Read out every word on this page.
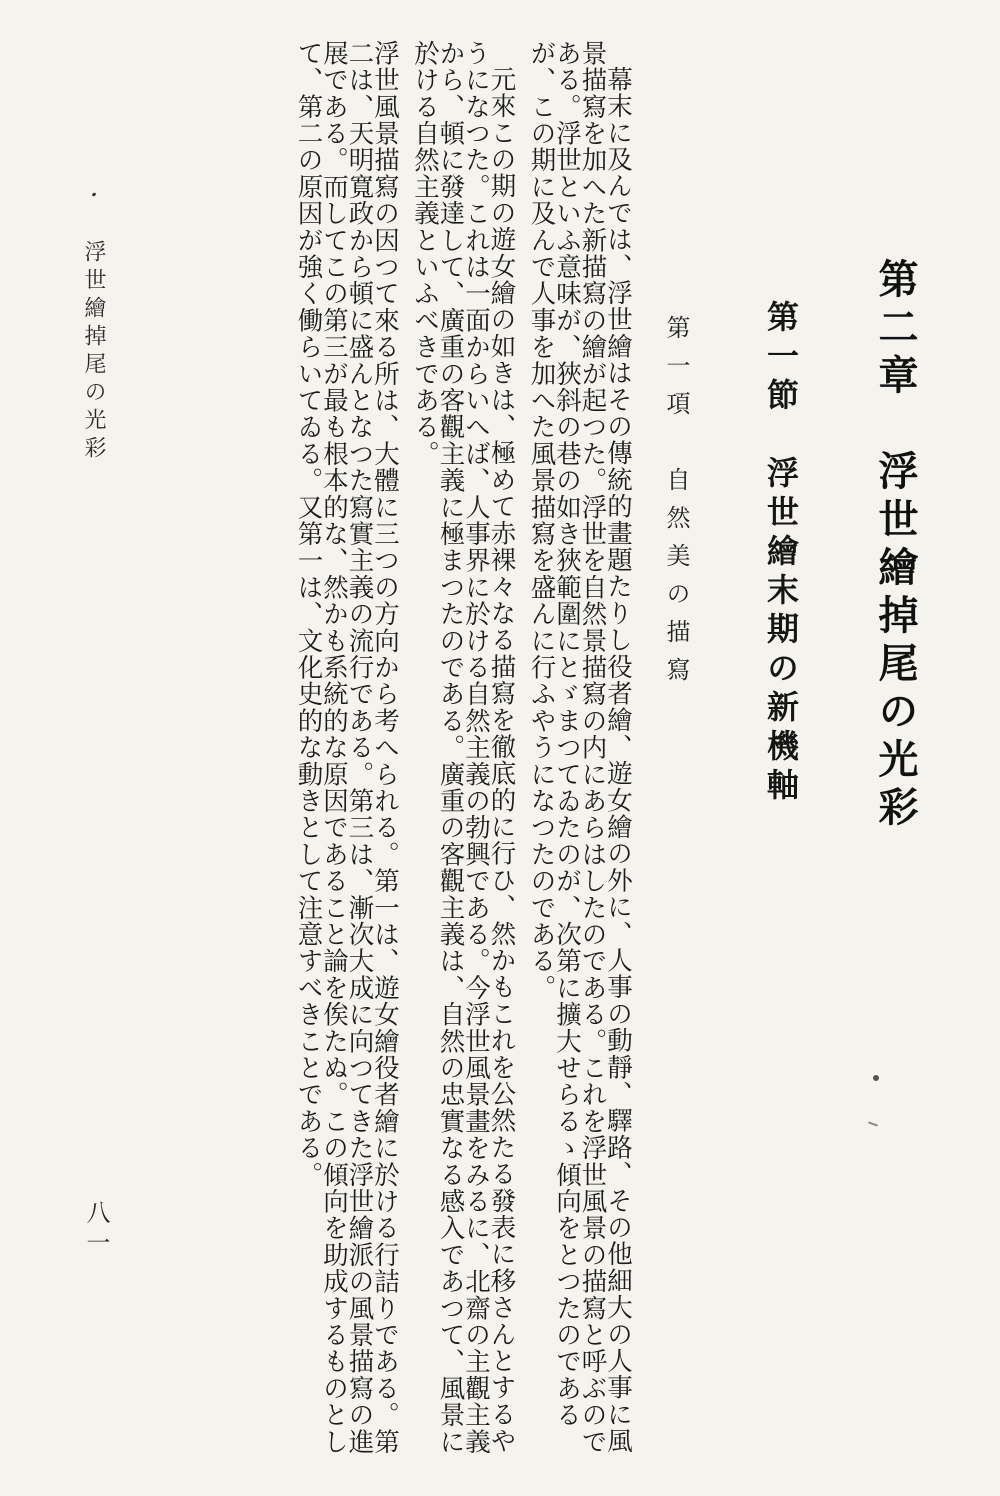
第二章　浮世繪掉尾の光彩
第一節　浮世繪末期の新機軸
第一項　自然美の描寫

幕末に及んでは、浮世繪はその傳統的畫題たりし役者繪、遊女繪の外に、人事の動靜、驛路、その他細大の人事に風景描寫を加へた新描寫の繪が起つた。浮世を自然景描寫の内にあらはしたのである。これを浮世風景の描寫と呼ぶのである。浮世といふ意味が、狹斜の巷の如き狹範圍にとゞまつてゐたのが、次第に擴大せらるゝ傾向をとつたのであるが、この期に及んで人事を加へた風景描寫を盛んに行ふやうになつたのである。

元來この期の遊女繪の如きは、極めて赤裸々なる描寫を徹底的に行ひ、然かもこれを公然たる發表に移さんとするやうになつた。これは一面からいへば、人事界に於ける自然主義の勃興である。今浮世風景畫をみるに、北齋の主觀主義から、頓に發達して、廣重の客觀主義に極まつたのである。廣重の客觀主義は、自然の忠實なる感入であつて、風景に於ける自然主義といふべきである。

浮世風景描寫の因つて來る所は、大體に三つの方向から考へられる。第一は、遊女繪役者繪に於ける行詰りである。第二は、天明寬政から頓に盛んとなつた寫實主義の流行である。第三は、漸次大成に向つてきた浮世繪派の風景描寫の進展である。而してこの第三が最も根本的な、然かも系統的な原因であること論を俟たぬ。この傾向を助成するものとして、第二の原因が強く働らいてゐる。又第一は、文化史的な動きとして注意すべきことである。

浮世繪掉尾の光彩
八一
